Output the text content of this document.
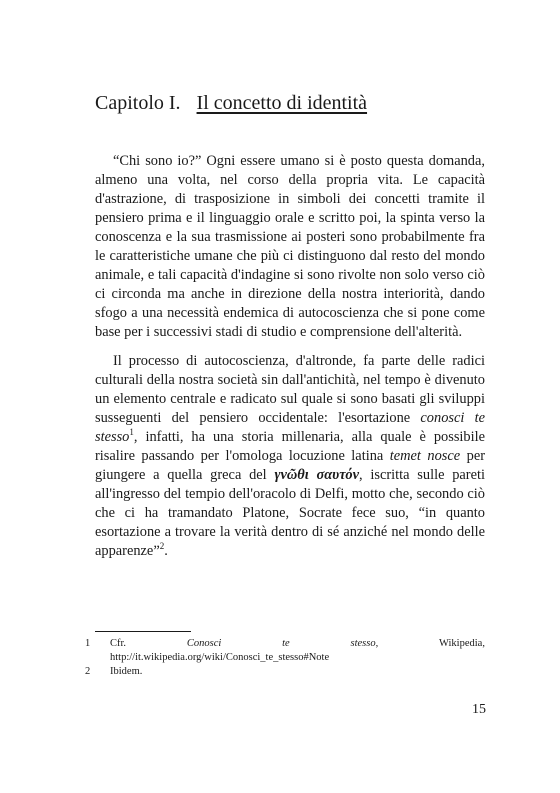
Capitolo I. Il concetto di identità

“Chi sono io?” Ogni essere umano si è posto questa domanda, almeno una volta, nel corso della propria vita. Le capacità d'astrazione, di trasposizione in simboli dei concetti tramite il pensiero prima e il linguaggio orale e scritto poi, la spinta verso la conoscenza e la sua trasmissione ai posteri sono probabilmente fra le caratteristiche umane che più ci distinguono dal resto del mondo animale, e tali capacità d'indagine si sono rivolte non solo verso ciò ci circonda ma anche in direzione della nostra interiorità, dando sfogo a una necessità endemica di autocoscienza che si pone come base per i successivi stadi di studio e comprensione dell'alterità.

Il processo di autocoscienza, d'altronde, fa parte delle radici culturali della nostra società sin dall'antichità, nel tempo è divenuto un elemento centrale e radicato sul quale si sono basati gli sviluppi susseguenti del pensiero occidentale: l'esortazione conosci te stesso$^1$, infatti, ha una storia millenaria, alla quale è possibile risalire passando per l'omologa locuzione latina temet nosce per giungere a quella greca del γνῶθι σαυτόν, iscritta sulle pareti all'ingresso del tempio dell'oracolo di Delfi, motto che, secondo ciò che ci ha tramandato Platone, Socrate fece suo, “in quanto esortazione a trovare la verità dentro di sé anziché nel mondo delle apparenze”$^2$.

1	Cfr.	Conosci	te	stesso,	Wikipedia,
http://it.wikipedia.org/wiki/Conosci_te_stesso#Note
2	Ibidem.
15
